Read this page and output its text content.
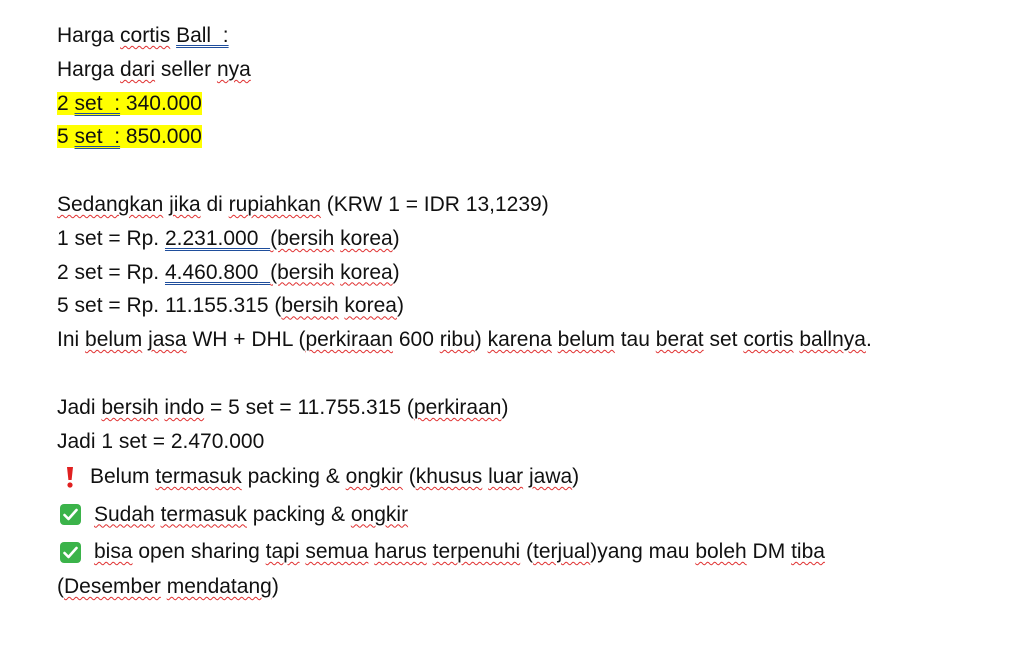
Harga cortis Ball  :
Harga dari seller nya
2 set  : 340.000
5 set  : 850.000
Sedangkan jika di rupiahkan (KRW 1 = IDR 13,1239)
1 set = Rp. 2.231.000 (bersih korea)
2 set = Rp. 4.460.800 (bersih korea)
5 set = Rp. 11.155.315 (bersih korea)
Ini belum jasa WH + DHL (perkiraan 600 ribu) karena belum tau berat set cortis ballnya.
Jadi bersih indo = 5 set = 11.755.315 (perkiraan)
Jadi 1 set = 2.470.000
Belum termasuk packing & ongkir (khusus luar jawa)
Sudah termasuk packing & ongkir
bisa open sharing tapi semua harus terpenuhi (terjual)yang mau boleh DM tiba
(Desember mendatang)
